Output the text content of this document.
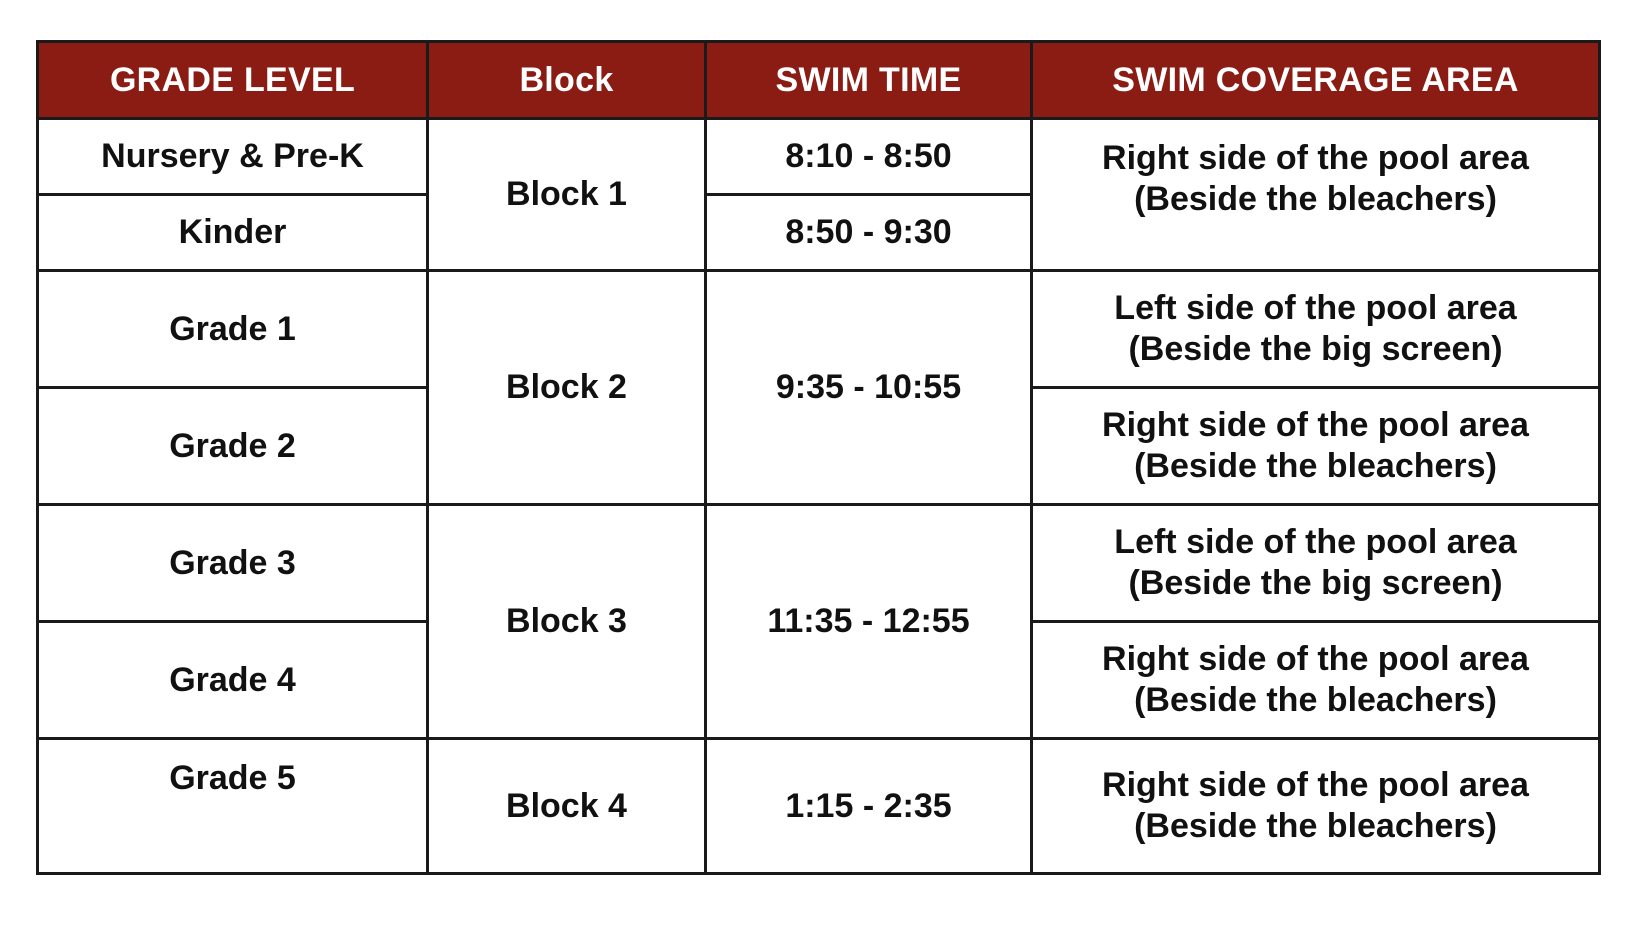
GRADE LEVEL	Block	SWIM TIME	SWIM COVERAGE AREA
Nursery & Pre-K	Block 1	8:10 - 8:50	Right side of the pool area
(Beside the bleachers)

Kinder		8:50 - 9:30	
Grade 1	Block 2	9:35 - 10:55	Left side of the pool area
(Beside the big screen)

Grade 2			Right side of the pool area
(Beside the bleachers)

Grade 3	Block 3	11:35 - 12:55	Left side of the pool area
(Beside the big screen)

Grade 4			Right side of the pool area
(Beside the bleachers)

Grade 5	Block 4	1:15 - 2:35	Right side of the pool area
(Beside the bleachers)
